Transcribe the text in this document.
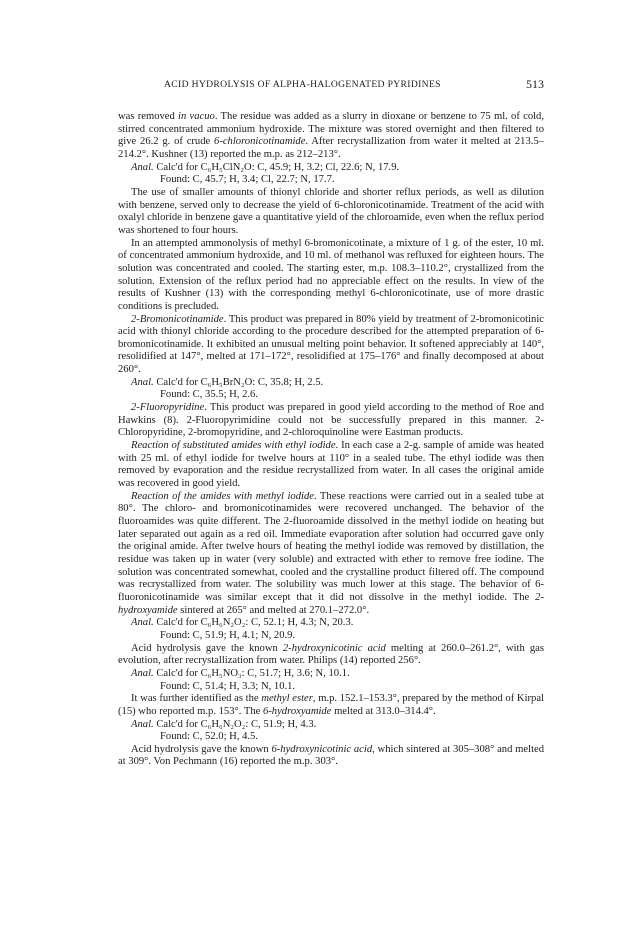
ACID HYDROLYSIS OF ALPHA-HALOGENATED PYRIDINES	513

was removed in vacuo. The residue was added as a slurry in dioxane or benzene to 75 ml. of cold, stirred concentrated ammonium hydroxide. The mixture was stored overnight and then filtered to give 26.2 g. of crude 6-chloronicotinamide. After recrystallization from water it melted at 213.5–214.2°. Kushner (13) reported the m.p. as 212–213°.

Anal. Calc'd for C₆H₅ClN₂O: C, 45.9; H, 3.2; Cl, 22.6; N, 17.9.

Found: C, 45.7; H, 3.4; Cl, 22.7; N, 17.7.

The use of smaller amounts of thionyl chloride and shorter reflux periods, as well as dilution with benzene, served only to decrease the yield of 6-chloronicotinamide. Treatment of the acid with oxalyl chloride in benzene gave a quantitative yield of the chloroamide, even when the reflux period was shortened to four hours.

In an attempted ammonolysis of methyl 6-bromonicotinate, a mixture of 1 g. of the ester, 10 ml. of concentrated ammonium hydroxide, and 10 ml. of methanol was refluxed for eighteen hours. The solution was concentrated and cooled. The starting ester, m.p. 108.3–110.2°, crystallized from the solution. Extension of the reflux period had no appreciable effect on the results. In view of the results of Kushner (13) with the corresponding methyl 6-chloronicotinate, use of more drastic conditions is precluded.

2-Bromonicotinamide. This product was prepared in 80% yield by treatment of 2-bromonicotinic acid with thionyl chloride according to the procedure described for the attempted preparation of 6-bromonicotinamide. It exhibited an unusual melting point behavior. It softened appreciably at 140°, resolidified at 147°, melted at 171–172°, resolidified at 175–176° and finally decomposed at about 260°.

Anal. Calc'd for C₆H₅BrN₂O: C, 35.8; H, 2.5.

Found: C, 35.5; H, 2.6.

2-Fluoropyridine. This product was prepared in good yield according to the method of Roe and Hawkins (8). 2-Fluoropyrimidine could not be successfully prepared in this manner. 2-Chloropyridine, 2-bromopyridine, and 2-chloroquinoline were Eastman products.

Reaction of substituted amides with ethyl iodide. In each case a 2-g. sample of amide was heated with 25 ml. of ethyl iodide for twelve hours at 110° in a sealed tube. The ethyl iodide was then removed by evaporation and the residue recrystallized from water. In all cases the original amide was recovered in good yield.

Reaction of the amides with methyl iodide. These reactions were carried out in a sealed tube at 80°. The chloro- and bromonicotinamides were recovered unchanged. The behavior of the fluoroamides was quite different. The 2-fluoroamide dissolved in the methyl iodide on heating but later separated out again as a red oil. Immediate evaporation after solution had occurred gave only the original amide. After twelve hours of heating the methyl iodide was removed by distillation, the residue was taken up in water (very soluble) and extracted with ether to remove free iodine. The solution was concentrated somewhat, cooled and the crystalline product filtered off. The compound was recrystallized from water. The solubility was much lower at this stage. The behavior of 6-fluoronicotinamide was similar except that it did not dissolve in the methyl iodide. The 2-hydroxyamide sintered at 265° and melted at 270.1–272.0°.

Anal. Calc'd for C₆H₆N₂O₂: C, 52.1; H, 4.3; N, 20.3.

Found: C, 51.9; H, 4.1; N, 20.9.

Acid hydrolysis gave the known 2-hydroxynicotinic acid melting at 260.0–261.2°, with gas evolution, after recrystallization from water. Philips (14) reported 256°.

Anal. Calc'd for C₆H₅NO₃: C, 51.7; H, 3.6; N, 10.1.

Found: C, 51.4; H, 3.3; N, 10.1.

It was further identified as the methyl ester, m.p. 152.1–153.3°, prepared by the method of Kirpal (15) who reported m.p. 153°. The 6-hydroxyamide melted at 313.0–314.4°.

Anal. Calc'd for C₆H₆N₂O₂: C, 51.9; H, 4.3.

Found: C, 52.0; H, 4.5.

Acid hydrolysis gave the known 6-hydroxynicotinic acid, which sintered at 305–308° and melted at 309°. Von Pechmann (16) reported the m.p. 303°.
